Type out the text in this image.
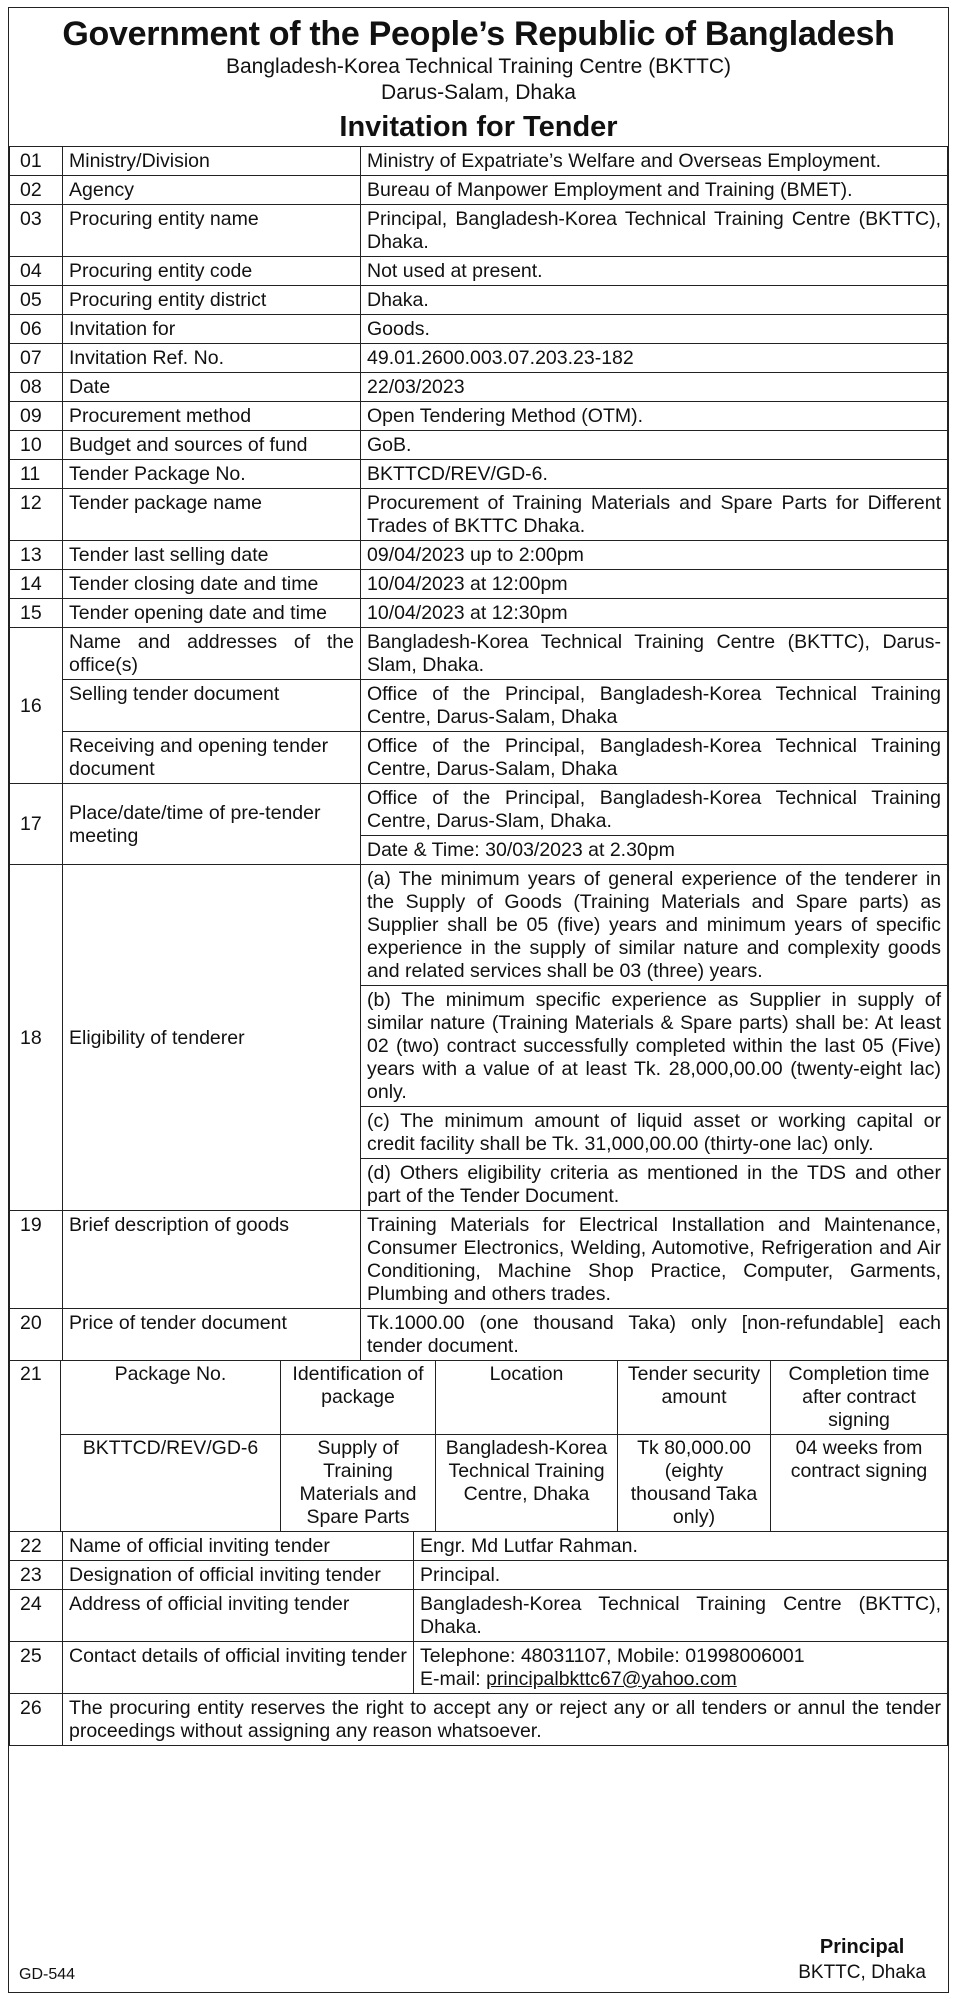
Government of the People’s Republic of Bangladesh
Bangladesh-Korea Technical Training Centre (BKTTC)
Darus-Salam, Dhaka
Invitation for Tender
01	Ministry/Division	Ministry of Expatriate’s Welfare and Overseas Employment.
02	Agency	Bureau of Manpower Employment and Training (BMET).
03	Procuring entity name	Principal, Bangladesh-Korea Technical Training Centre (BKTTC), Dhaka.
04	Procuring entity code	Not used at present.
05	Procuring entity district	Dhaka.
06	Invitation for	Goods.
07	Invitation Ref. No.	49.01.2600.003.07.203.23-182
08	Date	22/03/2023
09	Procurement method	Open Tendering Method (OTM).
10	Budget and sources of fund	GoB.
11	Tender Package No.	BKTTCD/REV/GD-6.
12	Tender package name	Procurement of Training Materials and Spare Parts for Different Trades of BKTTC Dhaka.
13	Tender last selling date	09/04/2023 up to 2:00pm
14	Tender closing date and time	10/04/2023 at 12:00pm
15	Tender opening date and time	10/04/2023 at 12:30pm
16	Name and addresses of the office(s)	Bangladesh-Korea Technical Training Centre (BKTTC), Darus-Slam, Dhaka.
	Selling tender document	Office of the Principal, Bangladesh-Korea Technical Training Centre, Darus-Salam, Dhaka
	Receiving and opening tender document	Office of the Principal, Bangladesh-Korea Technical Training Centre, Darus-Salam, Dhaka
17	Place/date/time of pre-tender meeting	Office of the Principal, Bangladesh-Korea Technical Training Centre, Darus-Slam, Dhaka.
		Date & Time: 30/03/2023 at 2.30pm
18	Eligibility of tenderer	(a) The minimum years of general experience of the tenderer in the Supply of Goods (Training Materials and Spare parts) as Supplier shall be 05 (five) years and minimum years of specific experience in the supply of similar nature and complexity goods and related services shall be 03 (three) years.
		(b) The minimum specific experience as Supplier in supply of similar nature (Training Materials & Spare parts) shall be: At least 02 (two) contract successfully completed within the last 05 (Five) years with a value of at least Tk. 28,000,00.00 (twenty-eight lac) only.
		(c) The minimum amount of liquid asset or working capital or credit facility shall be Tk. 31,000,00.00 (thirty-one lac) only.
		(d) Others eligibility criteria as mentioned in the TDS and other part of the Tender Document.
19	Brief description of goods	Training Materials for Electrical Installation and Maintenance, Consumer Electronics, Welding, Automotive, Refrigeration and Air Conditioning, Machine Shop Practice, Computer, Garments, Plumbing and others trades.
20	Price of tender document	Tk.1000.00 (one thousand Taka) only [non-refundable] each tender document.
21	Package No.	Identification of package	Location	Tender security amount	Completion time after contract signing
	BKTTCD/REV/GD-6	Supply of Training Materials and Spare Parts	Bangladesh-Korea Technical Training Centre, Dhaka	Tk 80,000.00 (eighty thousand Taka only)	04 weeks from contract signing
22	Name of official inviting tender	Engr. Md Lutfar Rahman.
23	Designation of official inviting tender	Principal.
24	Address of official inviting tender	Bangladesh-Korea Technical Training Centre (BKTTC), Dhaka.
25	Contact details of official inviting tender	Telephone: 48031107, Mobile: 01998006001
E-mail: principalbkttc67@yahoo.com

26	The procuring entity reserves the right to accept any or reject any or all tenders or annul the tender proceedings without assigning any reason whatsoever.	
GD-544
Principal
BKTTC, Dhaka
